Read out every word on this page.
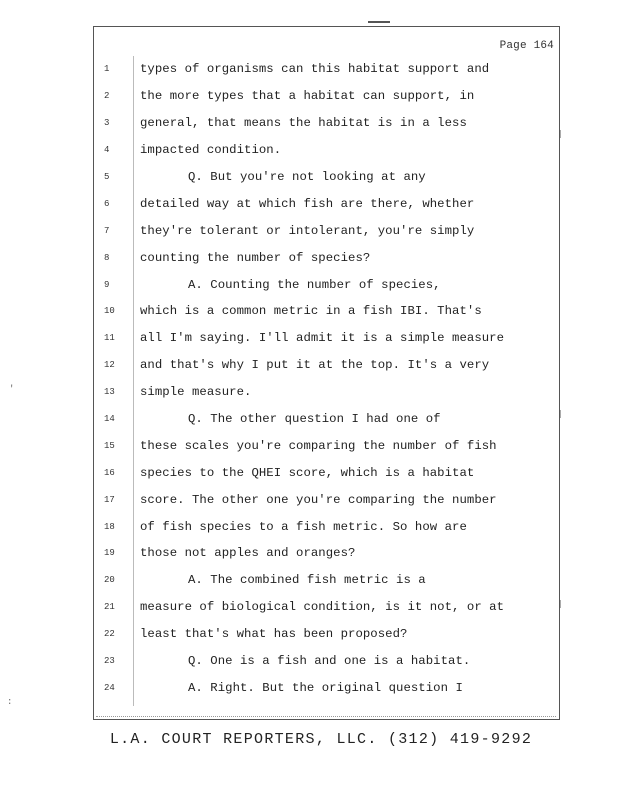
Page 164
1	types of organisms can this habitat support and
2	the more types that a habitat can support, in
3	general, that means the habitat is in a less
4	impacted condition.
5	Q. But you're not looking at any
6	detailed way at which fish are there, whether
7	they're tolerant or intolerant, you're simply
8	counting the number of species?
9	A. Counting the number of species,
10	which is a common metric in a fish IBI. That's
11	all I'm saying. I'll admit it is a simple measure
12	and that's why I put it at the top. It's a very
13	simple measure.
14	Q. The other question I had one of
15	these scales you're comparing the number of fish
16	species to the QHEI score, which is a habitat
17	score. The other one you're comparing the number
18	of fish species to a fish metric. So how are
19	those not apples and oranges?
20	A. The combined fish metric is a
21	measure of biological condition, is it not, or at
22	least that's what has been proposed?
23	Q. One is a fish and one is a habitat.
24	A. Right. But the original question I
'
:
L.A. COURT REPORTERS, LLC. (312) 419-9292
